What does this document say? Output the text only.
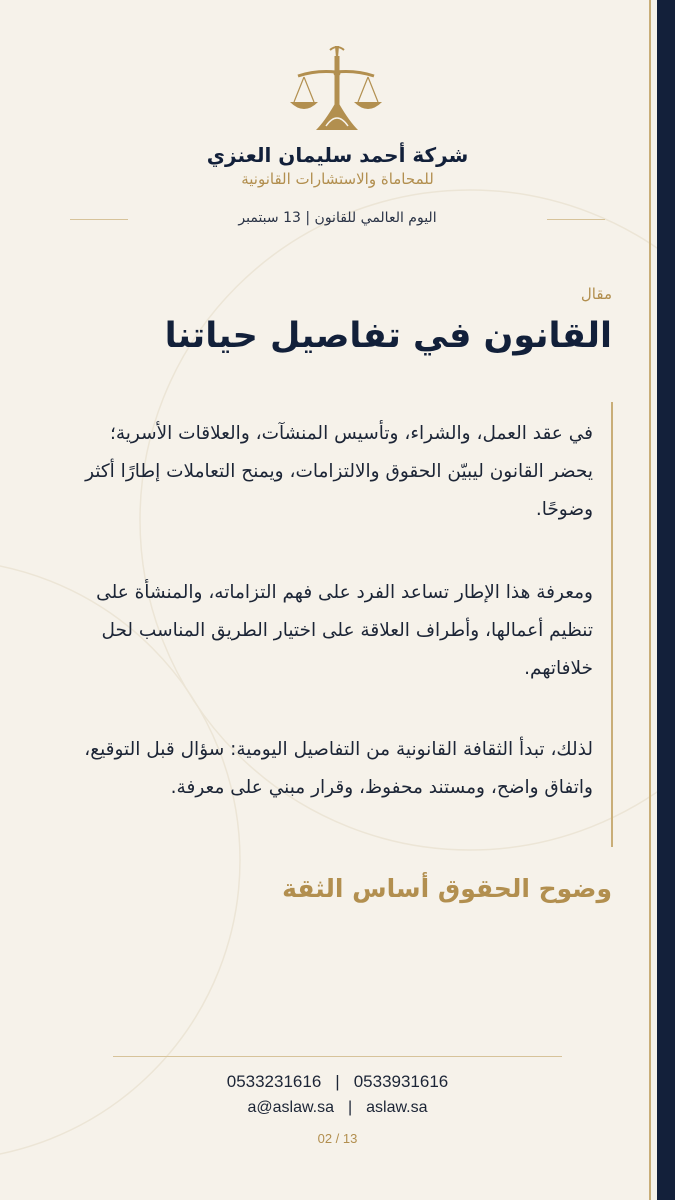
شركة أحمد سليمان العنزي
للمحاماة والاستشارات القانونية
اليوم العالمي للقانون | 13 سبتمبر
مقال
القانون في تفاصيل حياتنا
في عقد العمل، والشراء، وتأسيس المنشآت، والعلاقات الأسرية؛ يحضر القانون ليبيّن الحقوق والالتزامات، ويمنح التعاملات إطارًا أكثر وضوحًا.
ومعرفة هذا الإطار تساعد الفرد على فهم التزاماته، والمنشأة على تنظيم أعمالها، وأطراف العلاقة على اختيار الطريق المناسب لحل خلافاتهم.
لذلك، تبدأ الثقافة القانونية من التفاصيل اليومية: سؤال قبل التوقيع، واتفاق واضح، ومستند محفوظ، وقرار مبني على معرفة.
وضوح الحقوق أساس الثقة
0533231616 | 0533931616
a@aslaw.sa | aslaw.sa
02 / 13
